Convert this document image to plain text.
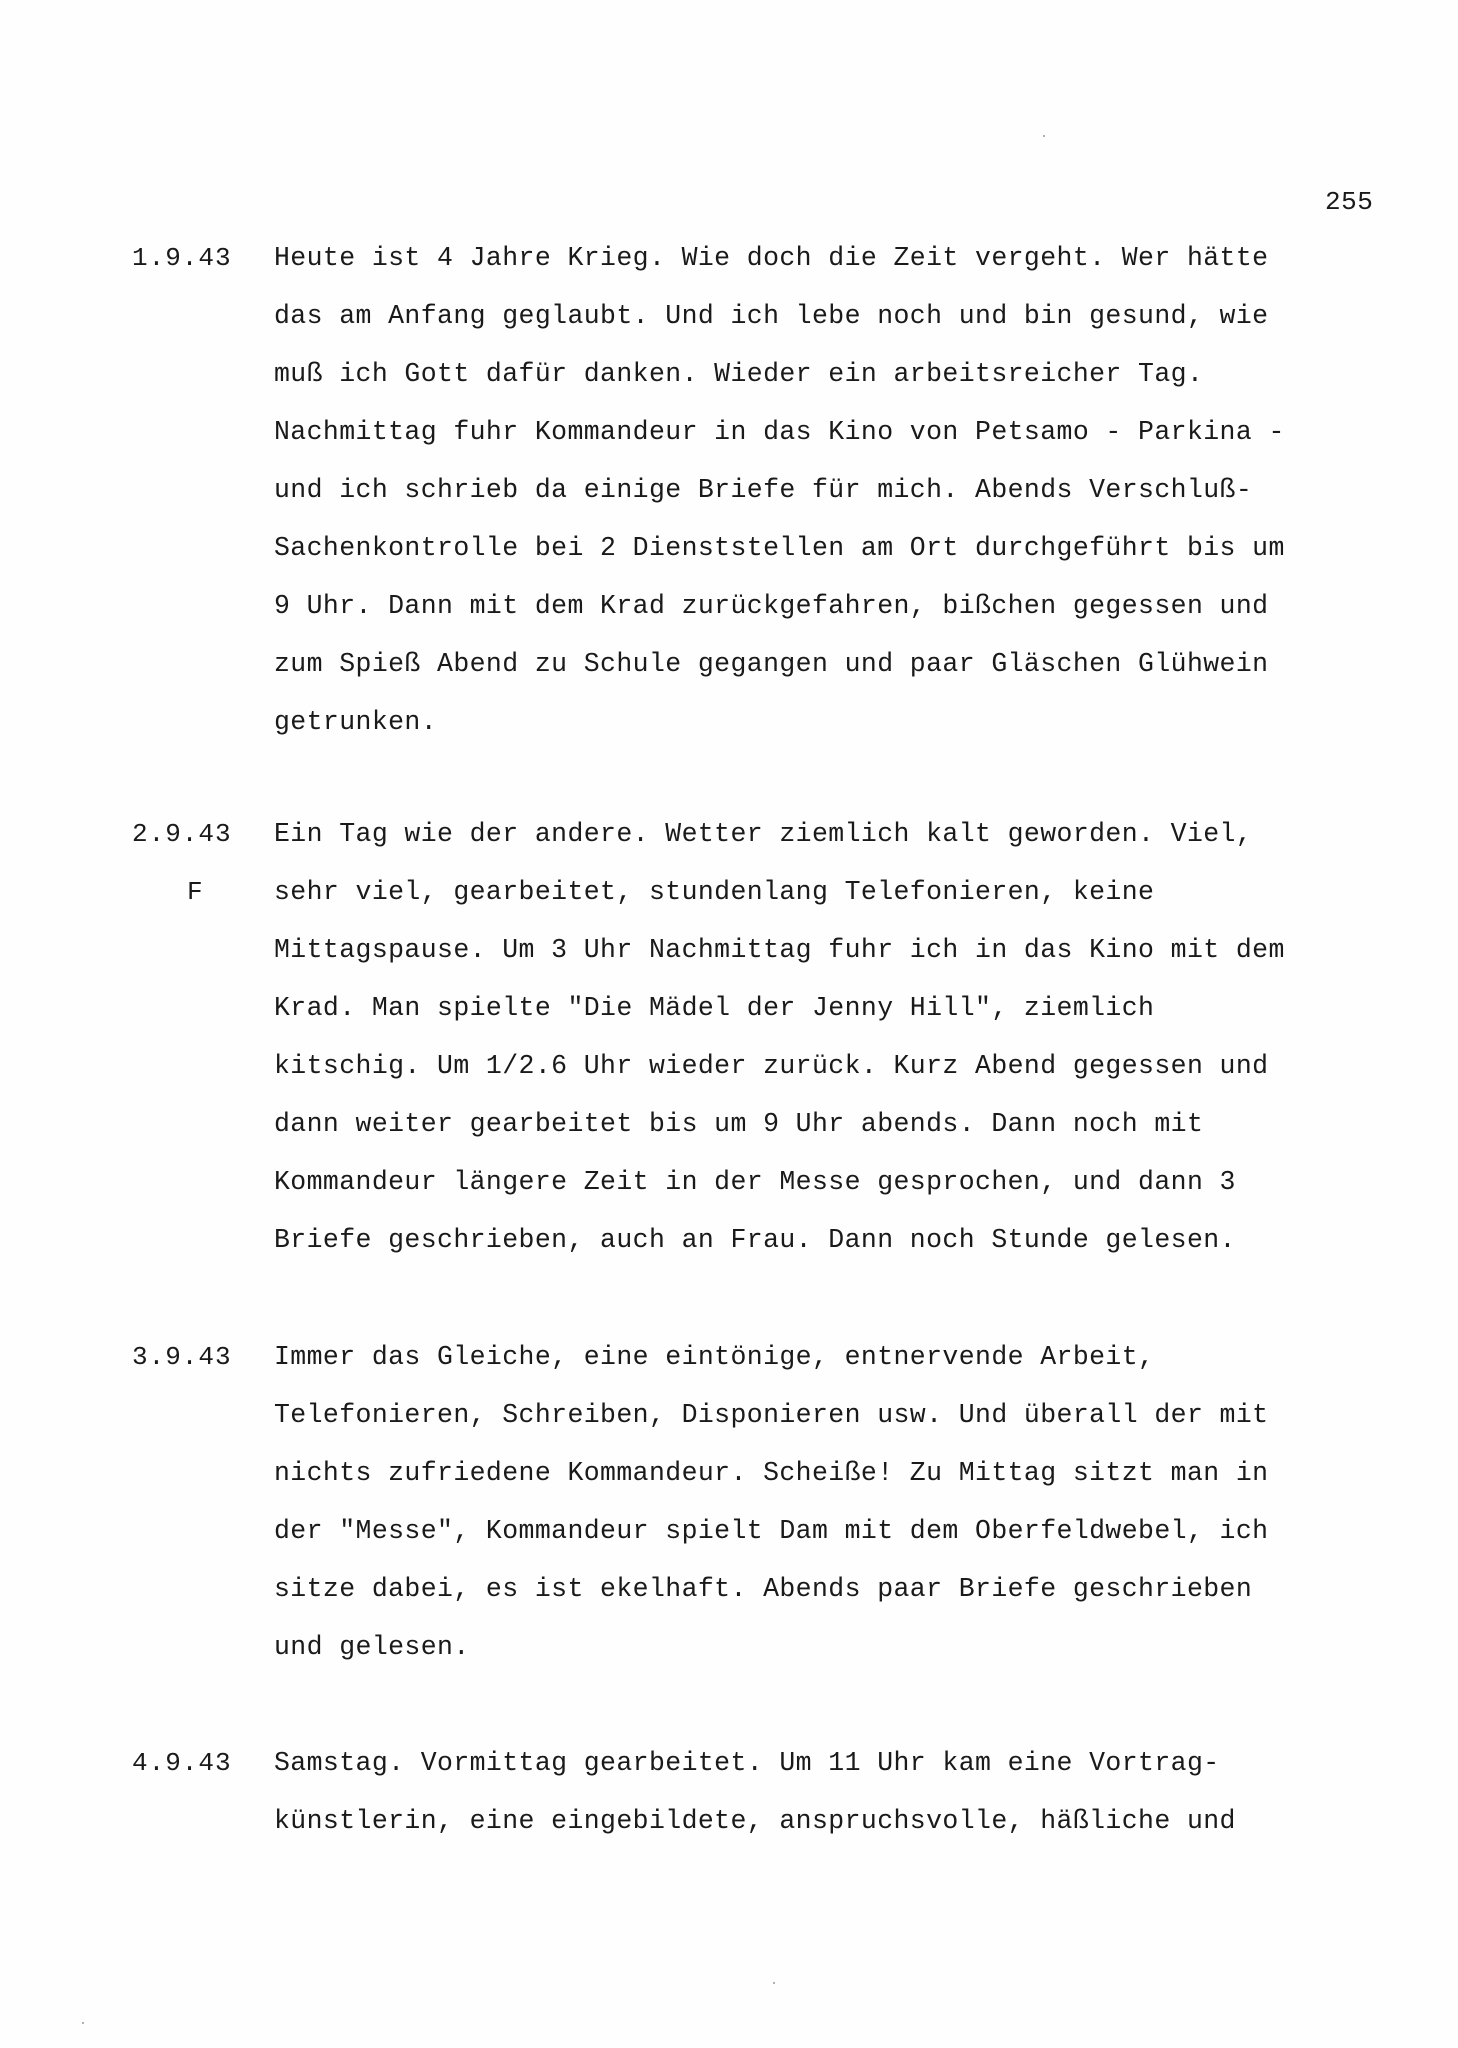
255
1.9.43 Heute ist 4 Jahre Krieg. Wie doch die Zeit vergeht. Wer hätte
das am Anfang geglaubt. Und ich lebe noch und bin gesund, wie
muß ich Gott dafür danken. Wieder ein arbeitsreicher Tag.
Nachmittag fuhr Kommandeur in das Kino von Petsamo - Parkina -
und ich schrieb da einige Briefe für mich. Abends Verschluß-
Sachenkontrolle bei 2 Dienststellen am Ort durchgeführt bis um
9 Uhr. Dann mit dem Krad zurückgefahren, bißchen gegessen und
zum Spieß Abend zu Schule gegangen und paar Gläschen Glühwein
getrunken.
2.9.43
F
Ein Tag wie der andere. Wetter ziemlich kalt geworden. Viel,
sehr viel, gearbeitet, stundenlang Telefonieren, keine
Mittagspause. Um 3 Uhr Nachmittag fuhr ich in das Kino mit dem
Krad. Man spielte "Die Mädel der Jenny Hill", ziemlich
kitschig. Um 1/2.6 Uhr wieder zurück. Kurz Abend gegessen und
dann weiter gearbeitet bis um 9 Uhr abends. Dann noch mit
Kommandeur längere Zeit in der Messe gesprochen, und dann 3
Briefe geschrieben, auch an Frau. Dann noch Stunde gelesen.
3.9.43 Immer das Gleiche, eine eintönige, entnervende Arbeit,
Telefonieren, Schreiben, Disponieren usw. Und überall der mit
nichts zufriedene Kommandeur. Scheiße! Zu Mittag sitzt man in
der "Messe", Kommandeur spielt Dam mit dem Oberfeldwebel, ich
sitze dabei, es ist ekelhaft. Abends paar Briefe geschrieben
und gelesen.
4.9.43 Samstag. Vormittag gearbeitet. Um 11 Uhr kam eine Vortrag-
künstlerin, eine eingebildete, anspruchsvolle, häßliche und
